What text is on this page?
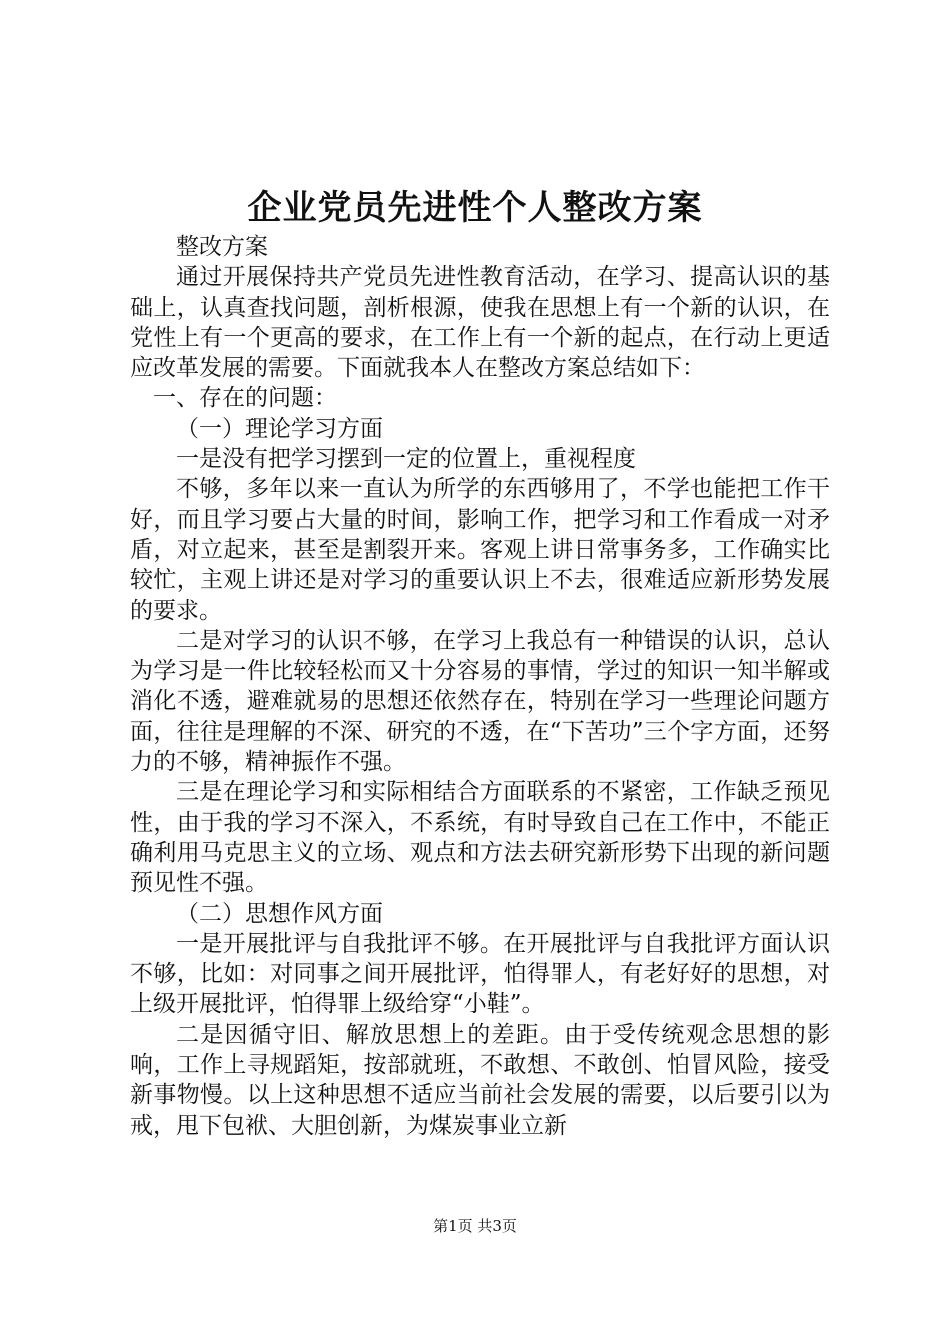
企业党员先进性个人整改方案

整改方案

通过开展保持共产党员先进性教育活动，在学习、提高认识的基础上，认真查找问题，剖析根源，使我在思想上有一个新的认识，在党性上有一个更高的要求，在工作上有一个新的起点，在行动上更适应改革发展的需要。下面就我本人在整改方案总结如下：

一、存在的问题：

（一）理论学习方面

一是没有把学习摆到一定的位置上，重视程度

不够，多年以来一直认为所学的东西够用了，不学也能把工作干好，而且学习要占大量的时间，影响工作，把学习和工作看成一对矛盾，对立起来，甚至是割裂开来。客观上讲日常事务多，工作确实比较忙，主观上讲还是对学习的重要认识上不去，很难适应新形势发展的要求。

二是对学习的认识不够，在学习上我总有一种错误的认识，总认为学习是一件比较轻松而又十分容易的事情，学过的知识一知半解或消化不透，避难就易的思想还依然存在，特别在学习一些理论问题方面，往往是理解的不深、研究的不透，在“下苦功”三个字方面，还努力的不够，精神振作不强。

三是在理论学习和实际相结合方面联系的不紧密，工作缺乏预见性，由于我的学习不深入，不系统，有时导致自己在工作中，不能正确利用马克思主义的立场、观点和方法去研究新形势下出现的新问题预见性不强。

（二）思想作风方面

一是开展批评与自我批评不够。在开展批评与自我批评方面认识不够，比如：对同事之间开展批评，怕得罪人，有老好好的思想，对上级开展批评，怕得罪上级给穿“小鞋”。

二是因循守旧、解放思想上的差距。由于受传统观念思想的影响，工作上寻规蹈矩，按部就班，不敢想、不敢创、怕冒风险，接受新事物慢。以上这种思想不适应当前社会发展的需要，以后要引以为戒，甩下包袱、大胆创新，为煤炭事业立新

第1页 共3页
